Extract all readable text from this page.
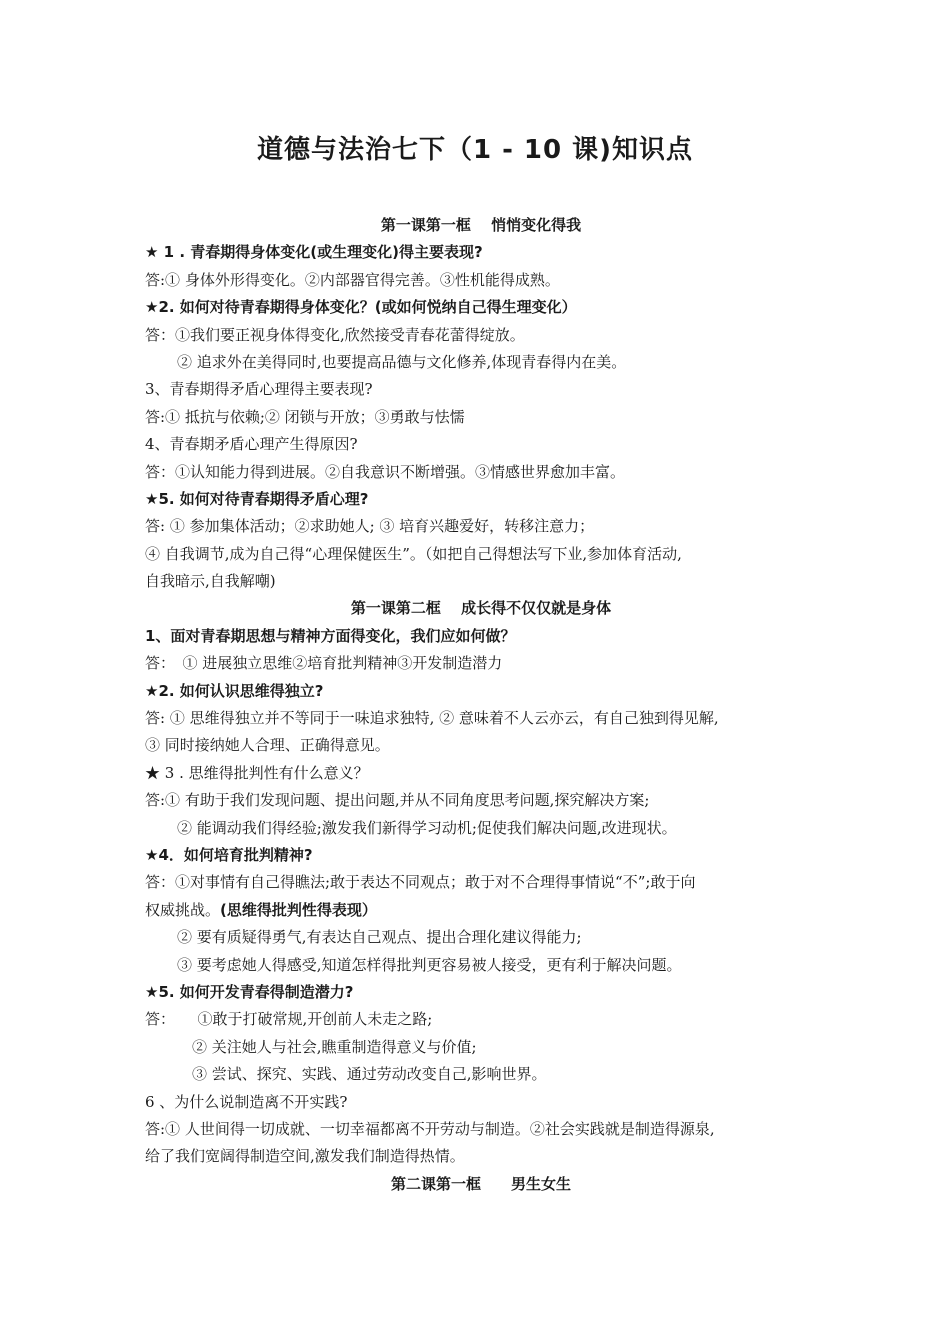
道德与法治七下（1 - 10 课)知识点
第一课第一框　 悄悄变化得我
★ 1 . 青春期得身体变化(或生理变化)得主要表现?
答:① 身体外形得变化。②内部器官得完善。③性机能得成熟。
★2. 如何对待青春期得身体变化？(或如何悦纳自己得生理变化）
答：①我们要正视身体得变化,欣然接受青春花蕾得绽放。
② 追求外在美得同时,也要提高品德与文化修养,体现青春得内在美。
3、青春期得矛盾心理得主要表现?
答:① 抵抗与依赖;② 闭锁与开放；③勇敢与怯懦
4、青春期矛盾心理产生得原因?
答：①认知能力得到进展。②自我意识不断增强。③情感世界愈加丰富。
★5. 如何对待青春期得矛盾心理?
答: ① 参加集体活动；②求助她人; ③ 培育兴趣爱好，转移注意力；
④ 自我调节,成为自己得“心理保健医生”。（如把自己得想法写下业,参加体育活动,
自我暗示,自我解嘲)
第一课第二框　 成长得不仅仅就是身体
1、面对青春期思想与精神方面得变化，我们应如何做？
答：　① 进展独立思维②培育批判精神③开发制造潜力
★2. 如何认识思维得独立?
答: ① 思维得独立并不等同于一味追求独特, ② 意味着不人云亦云，有自己独到得见解,
③ 同时接纳她人合理、正确得意见。
★ 3 . 思维得批判性有什么意义？
答:① 有助于我们发现问题、提出问题,并从不同角度思考问题,探究解决方案;
② 能调动我们得经验;激发我们新得学习动机;促使我们解决问题,改进现状。
★4．如何培育批判精神?
答：①对事情有自己得瞧法;敢于表达不同观点；敢于对不合理得事情说“不”;敢于向
权威挑战。(思维得批判性得表现）
② 要有质疑得勇气,有表达自己观点、提出合理化建议得能力;
③ 要考虑她人得感受,知道怎样得批判更容易被人接受，更有利于解决问题。
★5. 如何开发青春得制造潜力?
答：　　①敢于打破常规,开创前人未走之路;
② 关注她人与社会,瞧重制造得意义与价值;
③ 尝试、探究、实践、通过劳动改变自己,影响世界。
6 、为什么说制造离不开实践?
答:① 人世间得一切成就、一切幸福都离不开劳动与制造。②社会实践就是制造得源泉,
给了我们宽阔得制造空间,激发我们制造得热情。
第二课第一框　　男生女生
